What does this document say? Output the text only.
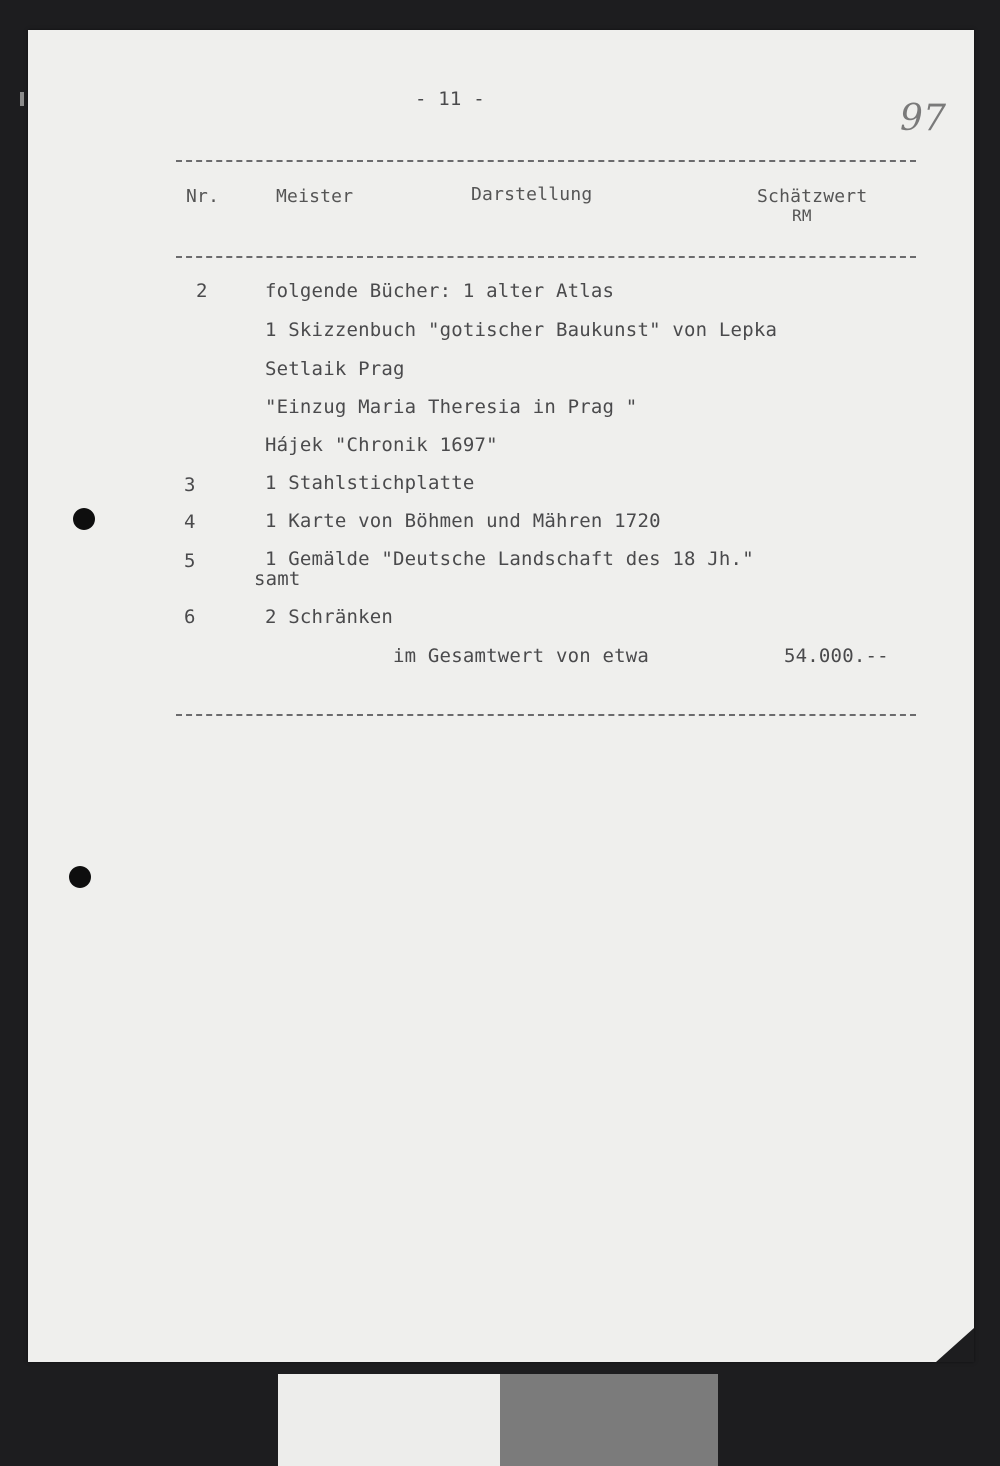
- 11 -	97
Nr.	Meister	Darstellung	Schätzwert
RM
2	folgende Bücher: 1 alter Atlas
1 Skizzenbuch "gotischer Baukunst" von Lepka
Setlaik Prag
"Einzug Maria Theresia in Prag "
Hájek "Chronik 1697"
3	1 Stahlstichplatte
4	1 Karte von Böhmen und Mähren 1720
5	1 Gemälde "Deutsche Landschaft des 18 Jh."
samt
6	2 Schränken
im Gesamtwert von etwa	54.000.--
